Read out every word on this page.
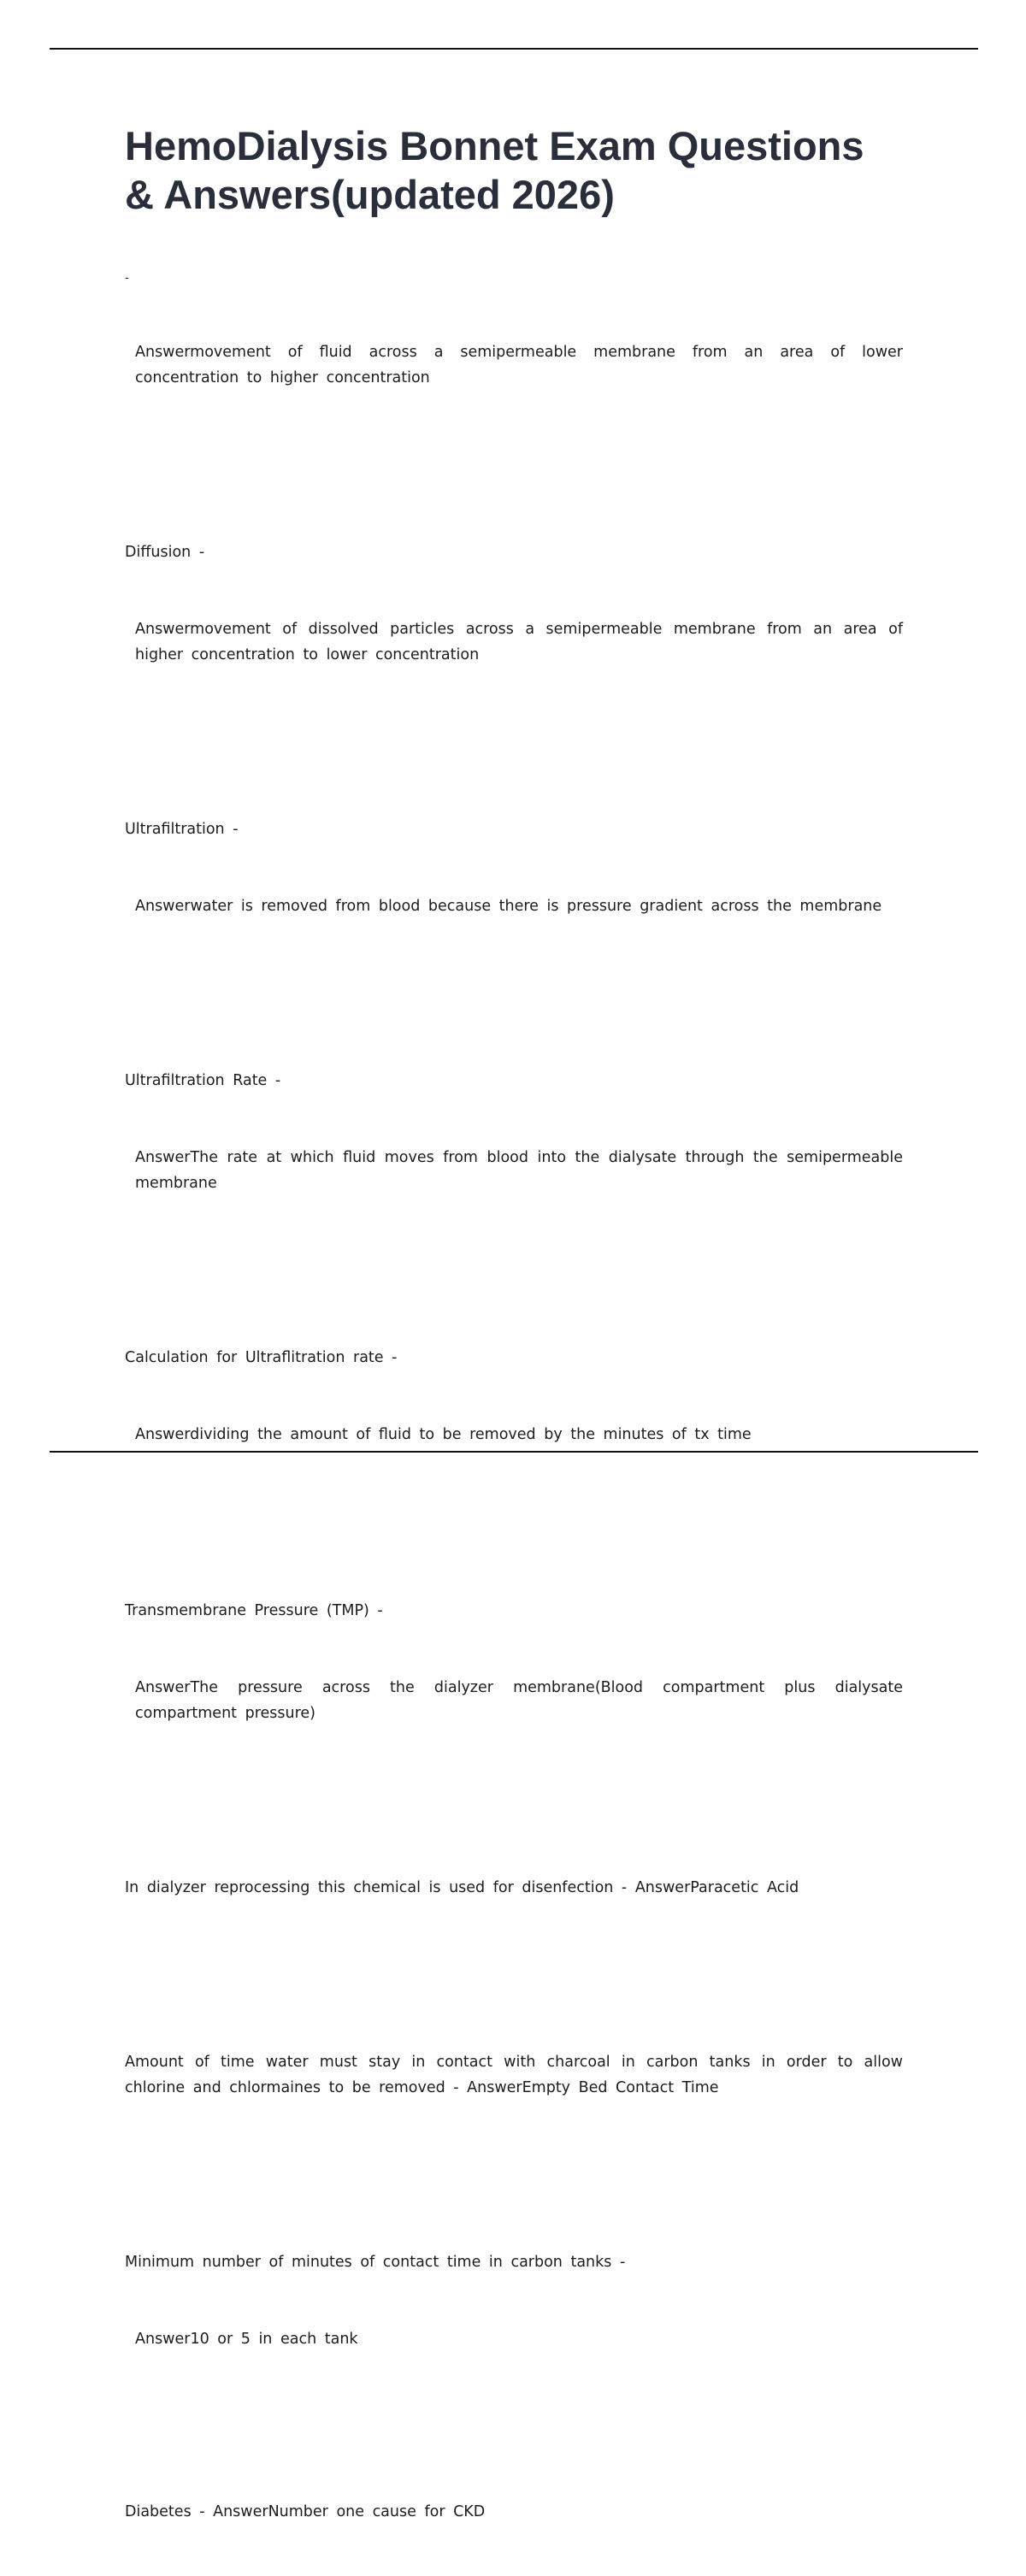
HemoDialysis Bonnet Exam Questions & Answers(updated 2026)

-

Answermovement of fluid across a semipermeable membrane from an area of lower concentration to higher concentration

Diffusion -

Answermovement of dissolved particles across a semipermeable membrane from an area of higher concentration to lower concentration

Ultrafiltration -

Answerwater is removed from blood because there is pressure gradient across the membrane

Ultrafiltration Rate -

AnswerThe rate at which fluid moves from blood into the dialysate through the semipermeable membrane

Calculation for Ultraflitration rate -

Answerdividing the amount of fluid to be removed by the minutes of tx time

Transmembrane Pressure (TMP) -

AnswerThe pressure across the dialyzer membrane(Blood compartment plus dialysate compartment pressure)

In dialyzer reprocessing this chemical is used for disenfection - AnswerParacetic Acid

Amount of time water must stay in contact with charcoal in carbon tanks in order to allow chlorine and chlormaines to be removed - AnswerEmpty Bed Contact Time

Minimum number of minutes of contact time in carbon tanks -

Answer10 or 5 in each tank

Diabetes - AnswerNumber one cause for CKD
